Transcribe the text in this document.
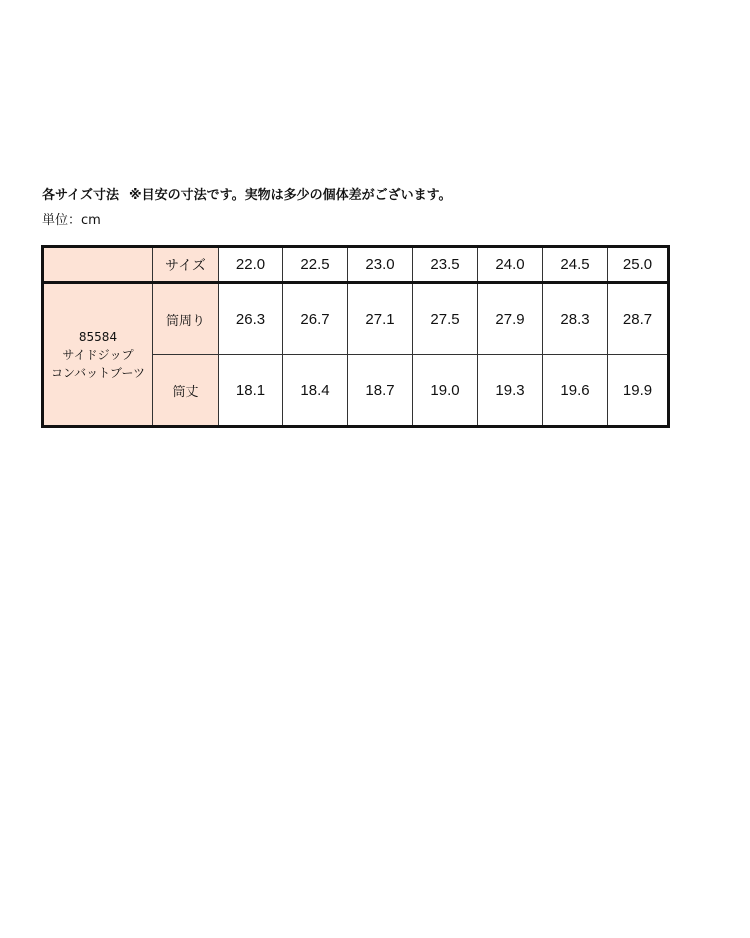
各サイズ寸法 ※目安の寸法です。実物は多少の個体差がございます。
単位：cm
	サイズ	22.0	22.5	23.0	23.5	24.0	24.5	25.0

85584
サイドジップ
コンバットブーツ	筒周り	26.3	26.7	27.1	27.5	27.9	28.3	28.7
	筒丈	18.1	18.4	18.7	19.0	19.3	19.6	19.9
